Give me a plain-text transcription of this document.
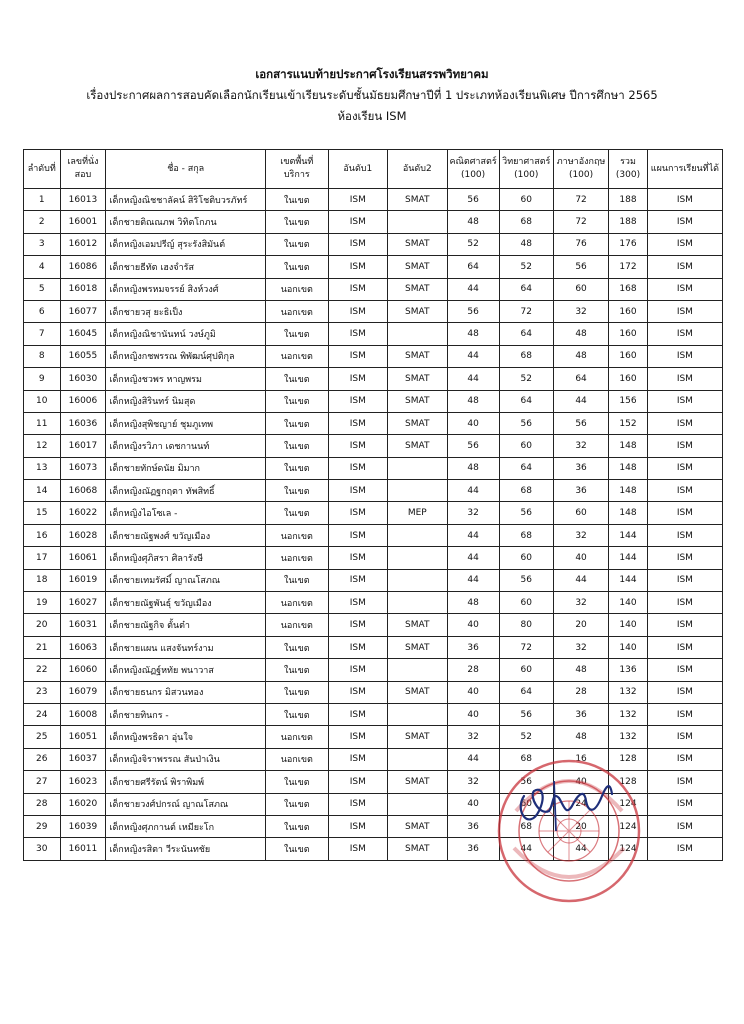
เอกสารแนบท้ายประกาศโรงเรียนสรรพวิทยาคม
เรื่องประกาศผลการสอบคัดเลือกนักเรียนเข้าเรียนระดับชั้นมัธยมศึกษาปีที่ 1 ประเภทห้องเรียนพิเศษ ปีการศึกษา 2565
ห้องเรียน ISM
ลำดับที่	เลขที่นั่งสอบ	ชื่อ - สกุล	เขตพื้นที่บริการ	อันดับ1	อันดับ2	คณิตศาสตร์ (100)	วิทยาศาสตร์ (100)	ภาษาอังกฤษ (100)	รวม (300)	แผนการเรียนที่ได้
1	16013	เด็กหญิงณิชชาลัคน์ สิริโชติบวรภัทร์	ในเขต	ISM	SMAT	56	60	72	188	ISM
2	16001	เด็กชายติณณภพ วิทิตโกภน	ในเขต	ISM		48	68	72	188	ISM
3	16012	เด็กหญิงเอมปรีญ์ สุระรังสิมันต์	ในเขต	ISM	SMAT	52	48	76	176	ISM
4	16086	เด็กชายธีทัต เฮงจำรัส	ในเขต	ISM	SMAT	64	52	56	172	ISM
5	16018	เด็กหญิงพรหมจรรย์ สิงห์วงศ์	นอกเขต	ISM	SMAT	44	64	60	168	ISM
6	16077	เด็กชายวสุ ยะธิเป็ง	นอกเขต	ISM	SMAT	56	72	32	160	ISM
7	16045	เด็กหญิงณิชานันทน์ วงษ์ภูมิ	ในเขต	ISM		48	64	48	160	ISM
8	16055	เด็กหญิงกชพรรณ พิพัฒน์ศุปติกุล	นอกเขต	ISM	SMAT	44	68	48	160	ISM
9	16030	เด็กหญิงชวพร หาญพรม	ในเขต	ISM	SMAT	44	52	64	160	ISM
10	16006	เด็กหญิงสิรินทร์ นิมสุด	ในเขต	ISM	SMAT	48	64	44	156	ISM
11	16036	เด็กหญิงสุพิชญาย์ ชุมภูเทพ	ในเขต	ISM	SMAT	40	56	56	152	ISM
12	16017	เด็กหญิงรวิภา เดชกานนท์	ในเขต	ISM	SMAT	56	60	32	148	ISM
13	16073	เด็กชายทักษ์ดนัย มิมาก	ในเขต	ISM		48	64	36	148	ISM
14	16068	เด็กหญิงณัฏฐกฤตา ทัพสิทธิ์	ในเขต	ISM		44	68	36	148	ISM
15	16022	เด็กหญิงไอโซเล -	ในเขต	ISM	MEP	32	56	60	148	ISM
16	16028	เด็กชายณัฐพงศ์ ขวัญเมือง	นอกเขต	ISM		44	68	32	144	ISM
17	16061	เด็กหญิงศุภิสรา ศิลารังษี	นอกเขต	ISM		44	60	40	144	ISM
18	16019	เด็กชายเทมรัศมิ์ ญาณโสภณ	ในเขต	ISM		44	56	44	144	ISM
19	16027	เด็กชายณัฐพันธุ์ ขวัญเมือง	นอกเขต	ISM		48	60	32	140	ISM
20	16031	เด็กชายณัฐกิจ ตั้นต๋า	นอกเขต	ISM	SMAT	40	80	20	140	ISM
21	16063	เด็กชายแผน แสงจันทร์งาม	ในเขต	ISM	SMAT	36	72	32	140	ISM
22	16060	เด็กหญิงณัฏฐ์หทัย พนาวาส	ในเขต	ISM		28	60	48	136	ISM
23	16079	เด็กชายธนกร มิสวนทอง	ในเขต	ISM	SMAT	40	64	28	132	ISM
24	16008	เด็กชายทินกร -	ในเขต	ISM		40	56	36	132	ISM
25	16051	เด็กหญิงพรธิดา อุ่นใจ	นอกเขต	ISM	SMAT	32	52	48	132	ISM
26	16037	เด็กหญิงจิราพรรณ สันป่าเงิน	นอกเขต	ISM		44	68	16	128	ISM
27	16023	เด็กชายศรีรัตน์ พิราพิมพ์	ในเขต	ISM	SMAT	32	56	40	128	ISM
28	16020	เด็กชายวงศ์ปกรณ์ ญาณโสภณ	ในเขต	ISM		40	60	24	124	ISM
29	16039	เด็กหญิงศุภกานต์ เหมียะโก	ในเขต	ISM	SMAT	36	68	20	124	ISM
30	16011	เด็กหญิงรสิตา วีระนันทชัย	ในเขต	ISM	SMAT	36	44	44	124	ISM
